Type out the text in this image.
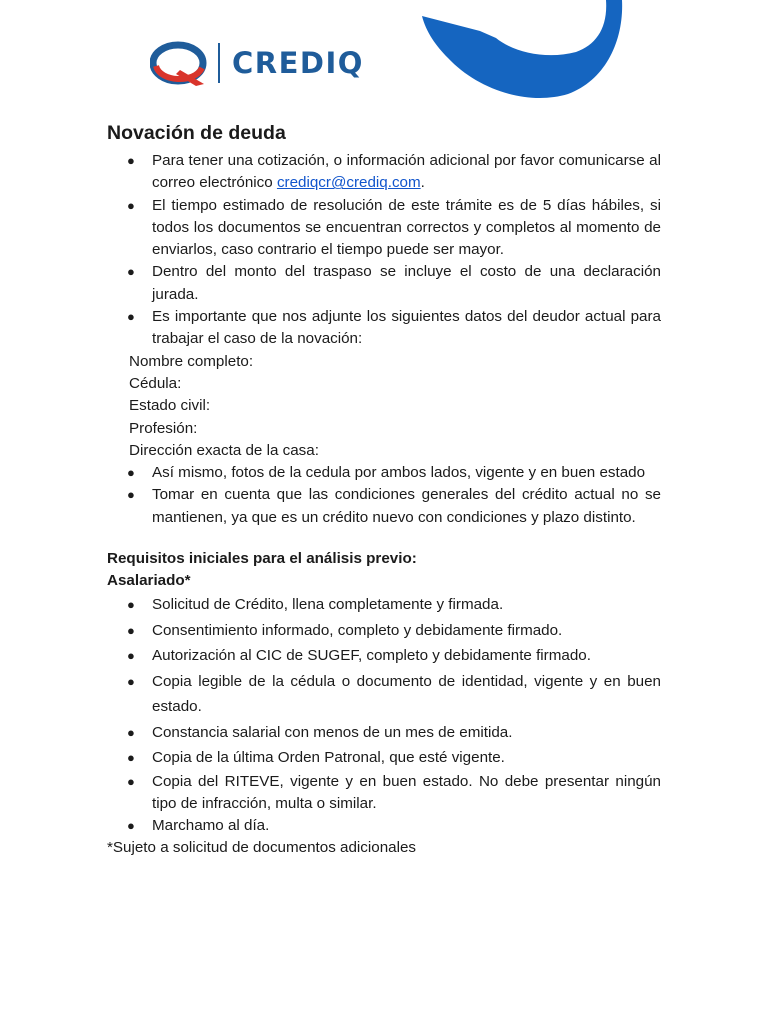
CREDIQ
Novación de deuda
● Para tener una cotización, o información adicional por favor comunicarse al correo electrónico crediqcr@crediq.com.
● El tiempo estimado de resolución de este trámite es de 5 días hábiles, si todos los documentos se encuentran correctos y completos al momento de enviarlos, caso contrario el tiempo puede ser mayor.
● Dentro del monto del traspaso se incluye el costo de una declaración jurada.
● Es importante que nos adjunte los siguientes datos del deudor actual para trabajar el caso de la novación:
Nombre completo:
Cédula:
Estado civil:
Profesión:
Dirección exacta de la casa:
● Así mismo, fotos de la cedula por ambos lados, vigente y en buen estado
● Tomar en cuenta que las condiciones generales del crédito actual no se mantienen, ya que es un crédito nuevo con condiciones y plazo distinto.
Requisitos iniciales para el análisis previo:
Asalariado*
● Solicitud de Crédito, llena completamente y firmada.
● Consentimiento informado, completo y debidamente firmado.
● Autorización al CIC de SUGEF, completo y debidamente firmado.
● Copia legible de la cédula o documento de identidad, vigente y en buen estado.
● Constancia salarial con menos de un mes de emitida.
● Copia de la última Orden Patronal, que esté vigente.
● Copia del RITEVE, vigente y en buen estado. No debe presentar ningún tipo de infracción, multa o similar.
● Marchamo al día.
*Sujeto a solicitud de documentos adicionales
